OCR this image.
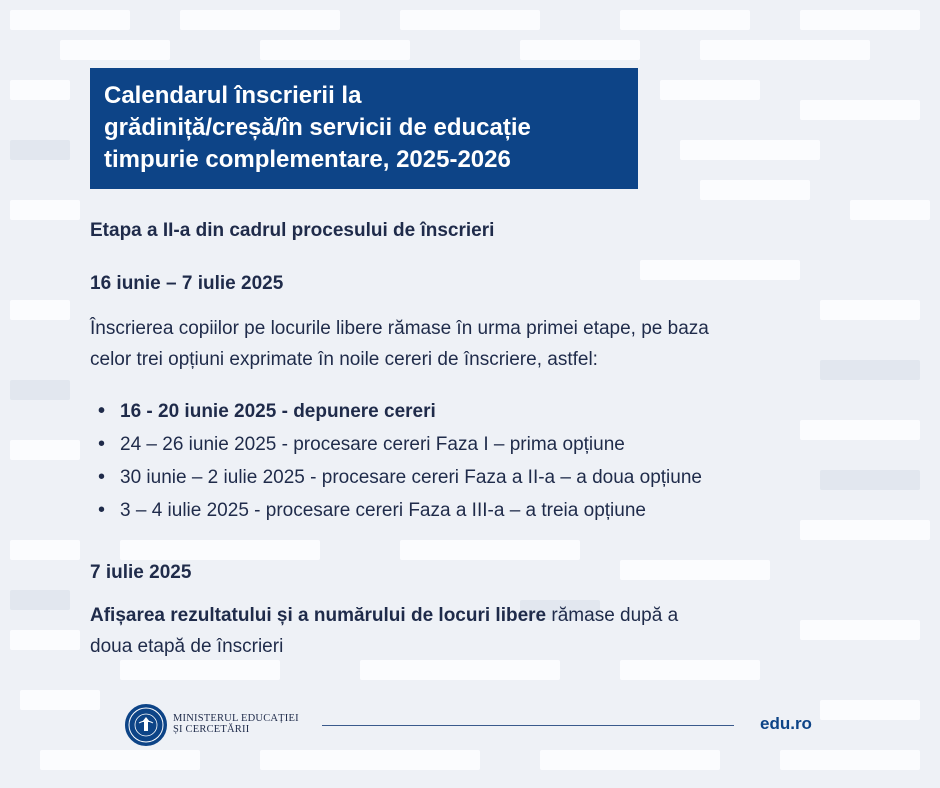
Calendarul înscrierii la
grădiniță/creșă/în servicii de educație
timpurie complementare, 2025-2026
Etapa a II-a din cadrul procesului de înscrieri
16 iunie – 7 iulie 2025
Înscrierea copiilor pe locurile libere rămase în urma primei etape, pe baza
celor trei opțiuni exprimate în noile cereri de înscriere, astfel:
• 16 - 20 iunie 2025 - depunere cereri
• 24 – 26 iunie 2025 - procesare cereri Faza I – prima opțiune
• 30 iunie – 2 iulie 2025 - procesare cereri Faza a II-a – a doua opțiune
• 3 – 4 iulie 2025 - procesare cereri Faza a III-a – a treia opțiune
7 iulie 2025
Afișarea rezultatului și a numărului de locuri libere rămase după a
doua etapă de înscrieri
MINISTERUL EDUCAȚIEI
ȘI CERCETĂRII	edu.ro
